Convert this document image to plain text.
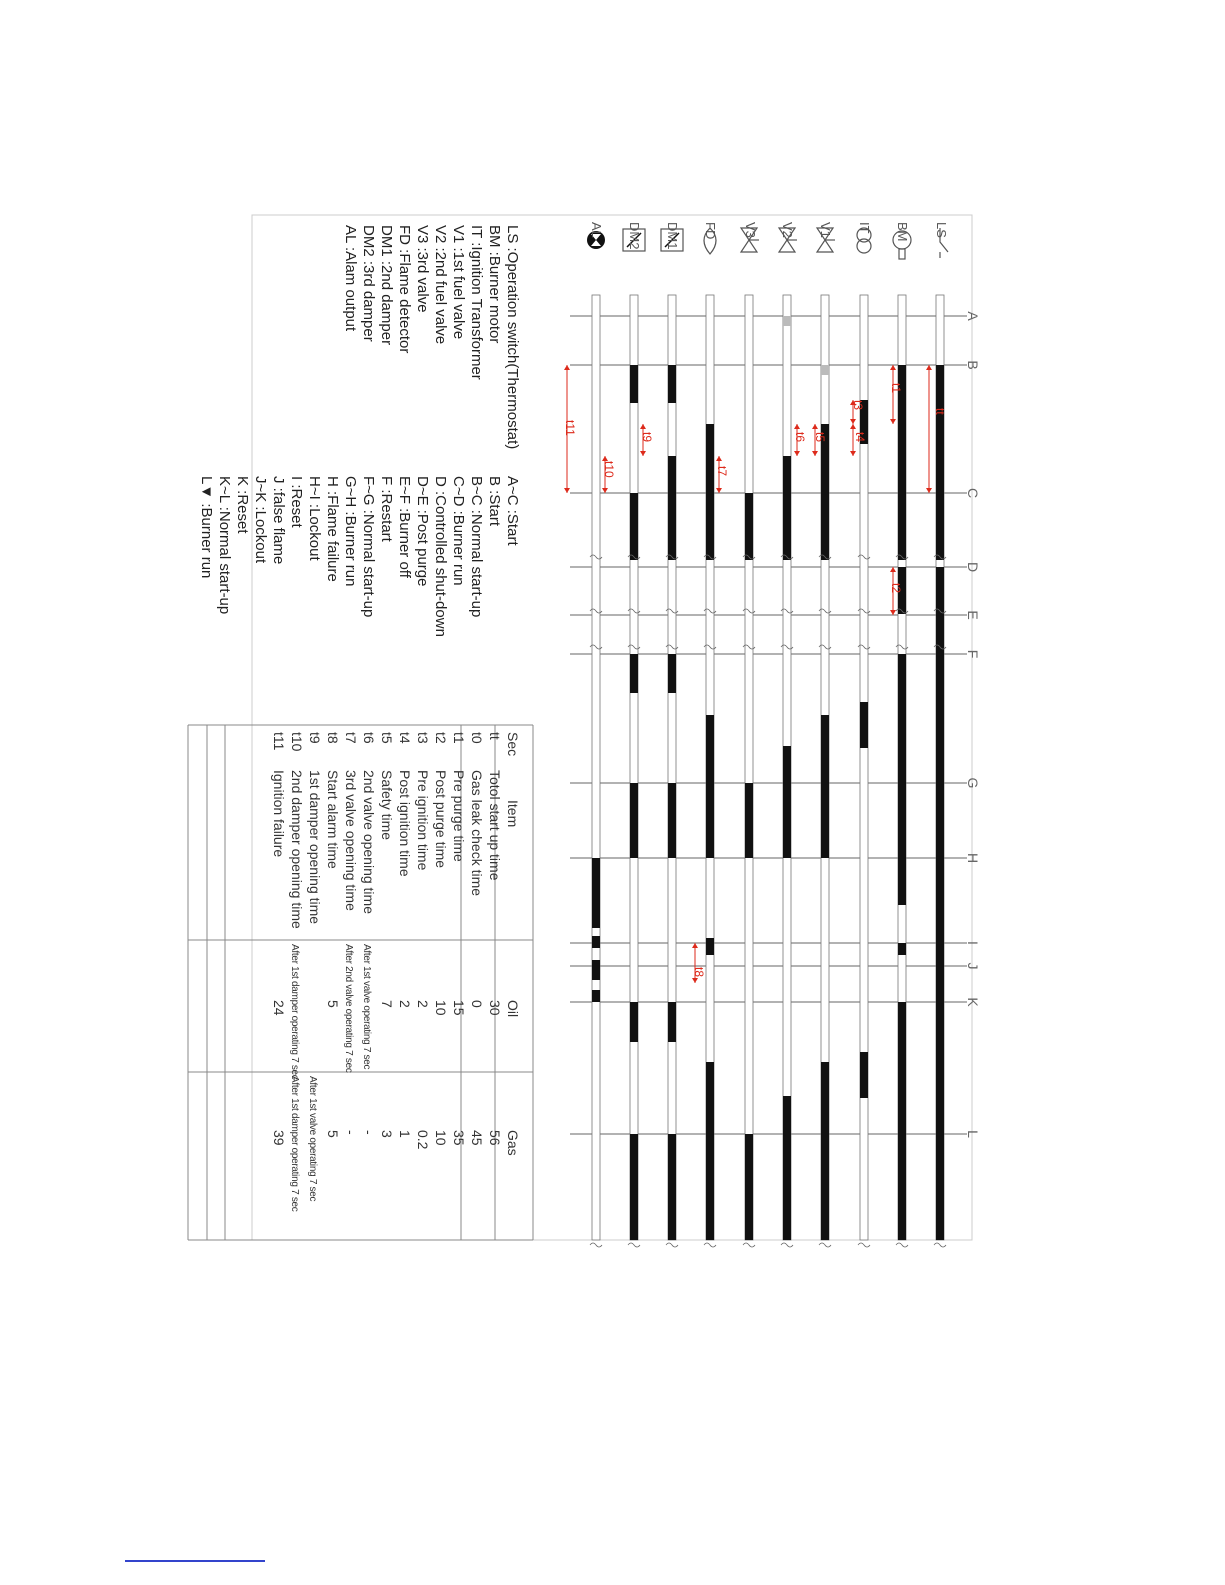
LS
BM
IT
V1
V2
V3
FD
DM1
DM2
AL
A
B
C
D
E
F
G
H
I
J
K
L
tt
t1
t2
t3
t4
t5
t6
t7
t8
t9
t10
t11
LS :Operation switch(Thermostat)
BM :Burner motor
IT :Ignition Transformer
V1 :1st fuel valve
V2 :2nd fuel valve
V3 :3rd valve
FD :Flame detector
DM1 :2nd damper
DM2 :3rd damper
AL :Alam output
A~C :Start
B :Start
B~C :Normal start-up
C~D :Burner run
D :Controlled shut-down
D~E :Post purge
E~F :Burner off
F :Restart
F~G :Normal start-up
G~H :Burner run
H :Flame failure
H~I :Lockout
I :Reset
J :false flame
J~K :Lockout
K :Reset
K~L :Normal start-up
L▼ :Burner run
Sec
Item
Oil
Gas
tt
Totol start up time
30
56
t0
Gas leak check time
0
45
t1
Pre purge time
15
35
t2
Post purge time
10
10
t3
Pre ignition time
2
0.2
t4
Post ignition time
2
1
t5
Safety time
7
3
t6
2nd valve opening time
After 1st valve operating 7 sec
-
t7
3rd valve opening time
After 2nd valve operating 7 sec
-
t8
Start alarm time
5
5
t9
1st damper opening time
After 1st valve operating 7 sec
t10
2nd damper opening time
After 1st damper operating 7 sec
After 1st damper operating 7 sec
t11
Ignition failure
24
39
